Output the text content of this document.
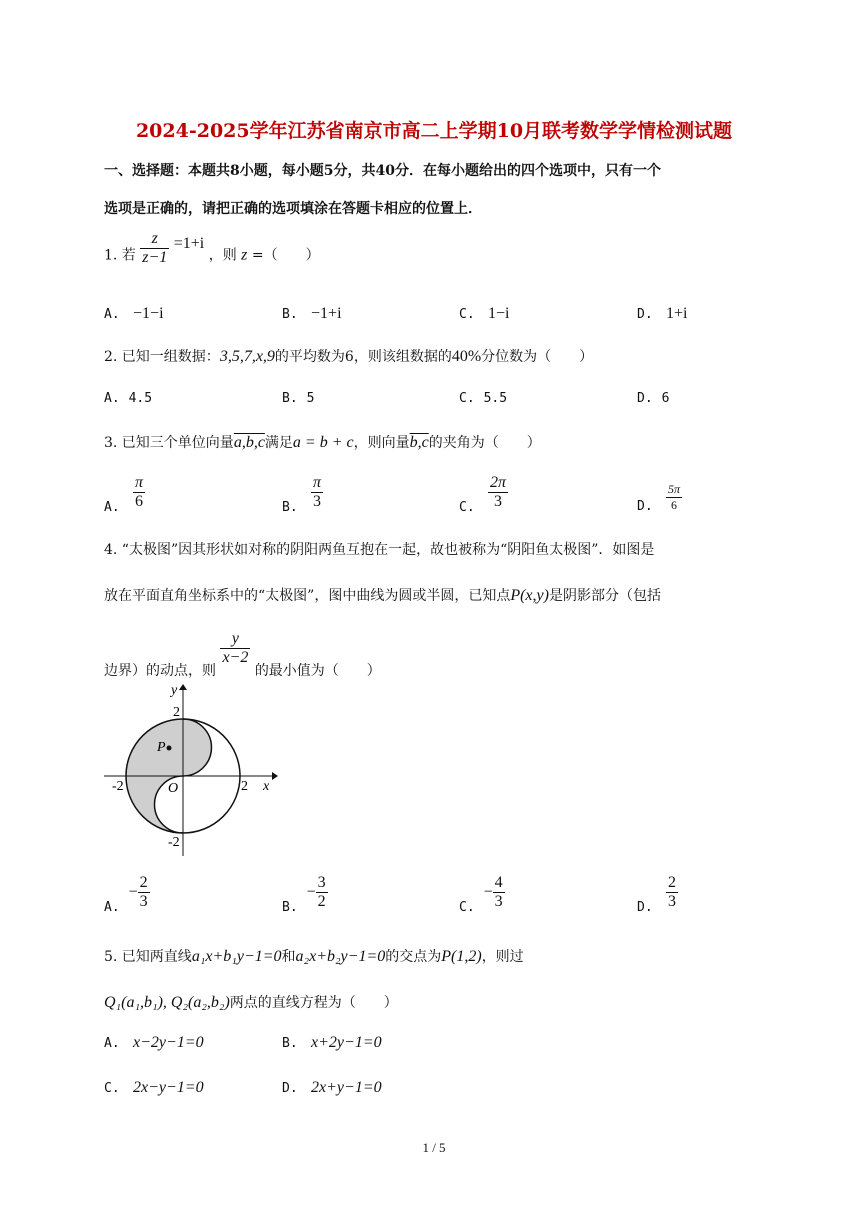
2024-2025学年江苏省南京市高二上学期10月联考数学学情检测试题
一、选择题：本题共8小题，每小题5分，共40分．在每小题给出的四个选项中，只有一个
选项是正确的，请把正确的选项填涂在答题卡相应的位置上．
1. 若 $\frac{z}{z-1} =1+i$ ，则 z =（　　）
A. −1−i	B. −1+i	C. 1−i	D. 1+i
2. 已知一组数据：3,5,7,x,9的平均数为6，则该组数据的40%分位数为（　　）
A. 4.5	B. 5	C. 5.5	D. 6
3. 已知三个单位向量a,b,c满足a = b + c，则向量b,c的夹角为（　　）
A. $\frac{\pi}{6}$	B. $\frac{\pi}{3}$	C. $\frac{2\pi}{3}$	D. $\frac{5\pi}{6}$
4. “太极图”因其形状如对称的阴阳两鱼互抱在一起，故也被称为“阴阳鱼太极图”．如图是
放在平面直角坐标系中的“太极图”，图中曲线为圆或半圆，已知点P(x,y)是阴影部分（包括
边界）的动点，则
$\frac{y}{x-2}$
的最小值为（　　）
P
y
x
O
2
-2
-2	2
A.  − $\frac{2}{3}$	B.  − $\frac{3}{2}$	C.  − $\frac{4}{3}$	D. $\frac{2}{3}$
5. 已知两直线a₁x+b₁y−1=0和a₂x+b₂y−1=0的交点为P(1,2)，则过
Q₁(a₁,b₁), Q₂(a₂,b₂)两点的直线方程为（　　）
A. x−2y−1=0	B. x+2y−1=0
C. 2x−y−1=0	D. 2x+y−1=0
1 / 5
